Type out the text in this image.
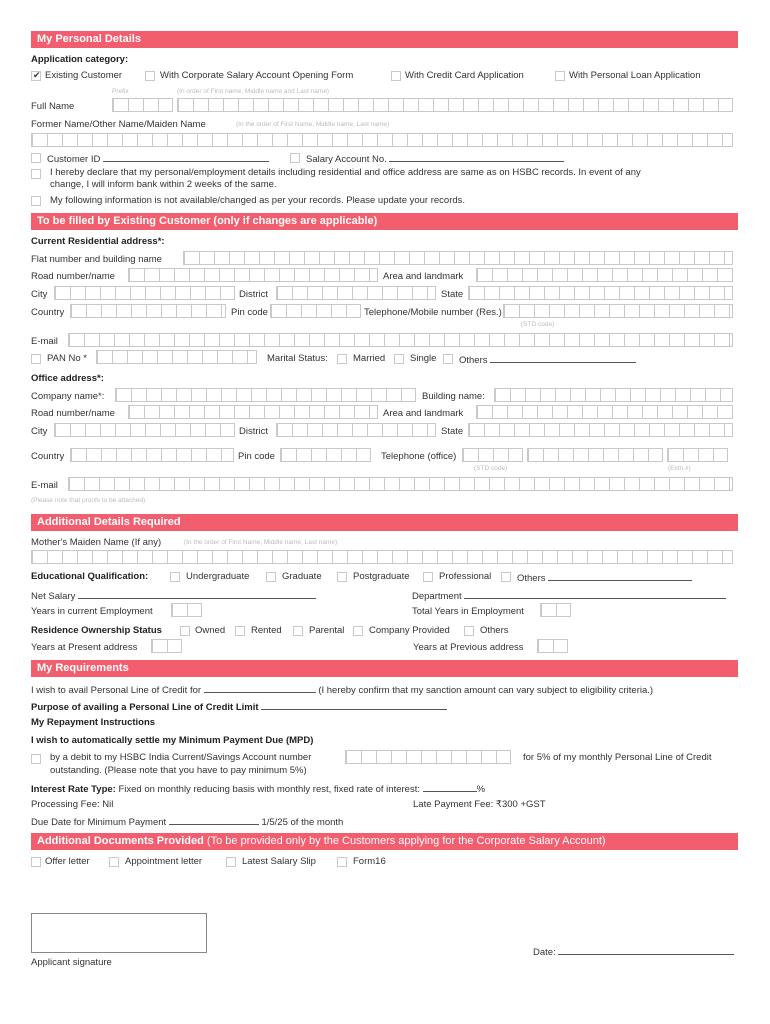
My Personal Details
Application category:
✔
Existing Customer	With Corporate Salary Account Opening Form	With Credit Card Application	With Personal Loan Application
Prefix	(In order of First name, Middle name and Last name)
Full Name
Former Name/Other Name/Maiden Name	(In the order of First Name, Middle name, Last name)
Customer ID	Salary Account No.
I hereby declare that my personal/employment details including residential and office address are same as on HSBC records. In event of any
change, I will inform bank within 2 weeks of the same.
My following information is not available/changed as per your records. Please update your records.
To be filled by Existing Customer (only if changes are applicable)
Current Residential address*:
Flat number and building name
Road number/name	Area and landmark
City	District	State
Country	Pin code	Telephone/Mobile number (Res.)
(STD code)
E-mail
PAN No *	Marital Status:	Married	Single Others
Office address*:
Company name*:	Building name:
Road number/name	Area and landmark
City	District	State
Country	Pin code	Telephone (office)
(STD code)	(Extn.#)
E-mail
(Please note that proofs to be attached)
Additional Details Required
Mother's Maiden Name (If any)	(In the order of First Name, Middle name, Last name)
Educational Qualification:	Undergraduate	Graduate	Postgraduate	Professional	Others
Net Salary	Department
Years in current Employment	Total Years in Employment
Residence Ownership Status	Owned	Rented	Parental	Company Provided	Others
Years at Present address	Years at Previous address
My Requirements
I wish to avail Personal Line of Credit for	(I hereby confirm that my sanction amount can vary subject to eligibility criteria.)
Purpose of availing a Personal Line of Credit Limit
My Repayment Instructions
I wish to automatically settle my Minimum Payment Due (MPD)
by a debit to my HSBC India Current/Savings Account number
outstanding. (Please note that you have to pay minimum 5%)
for 5% of my monthly Personal Line of Credit
Interest Rate Type: Fixed on monthly reducing basis with monthly rest, fixed rate of interest:	%
Processing Fee: Nil	Late Payment Fee: ₹300 +GST
Due Date for Minimum Payment	1/5/25 of the month
Additional Documents Provided (To be provided only by the Customers applying for the Corporate Salary Account)
Offer letter	Appointment letter	Latest Salary Slip	Form16
Applicant signature
Date:
